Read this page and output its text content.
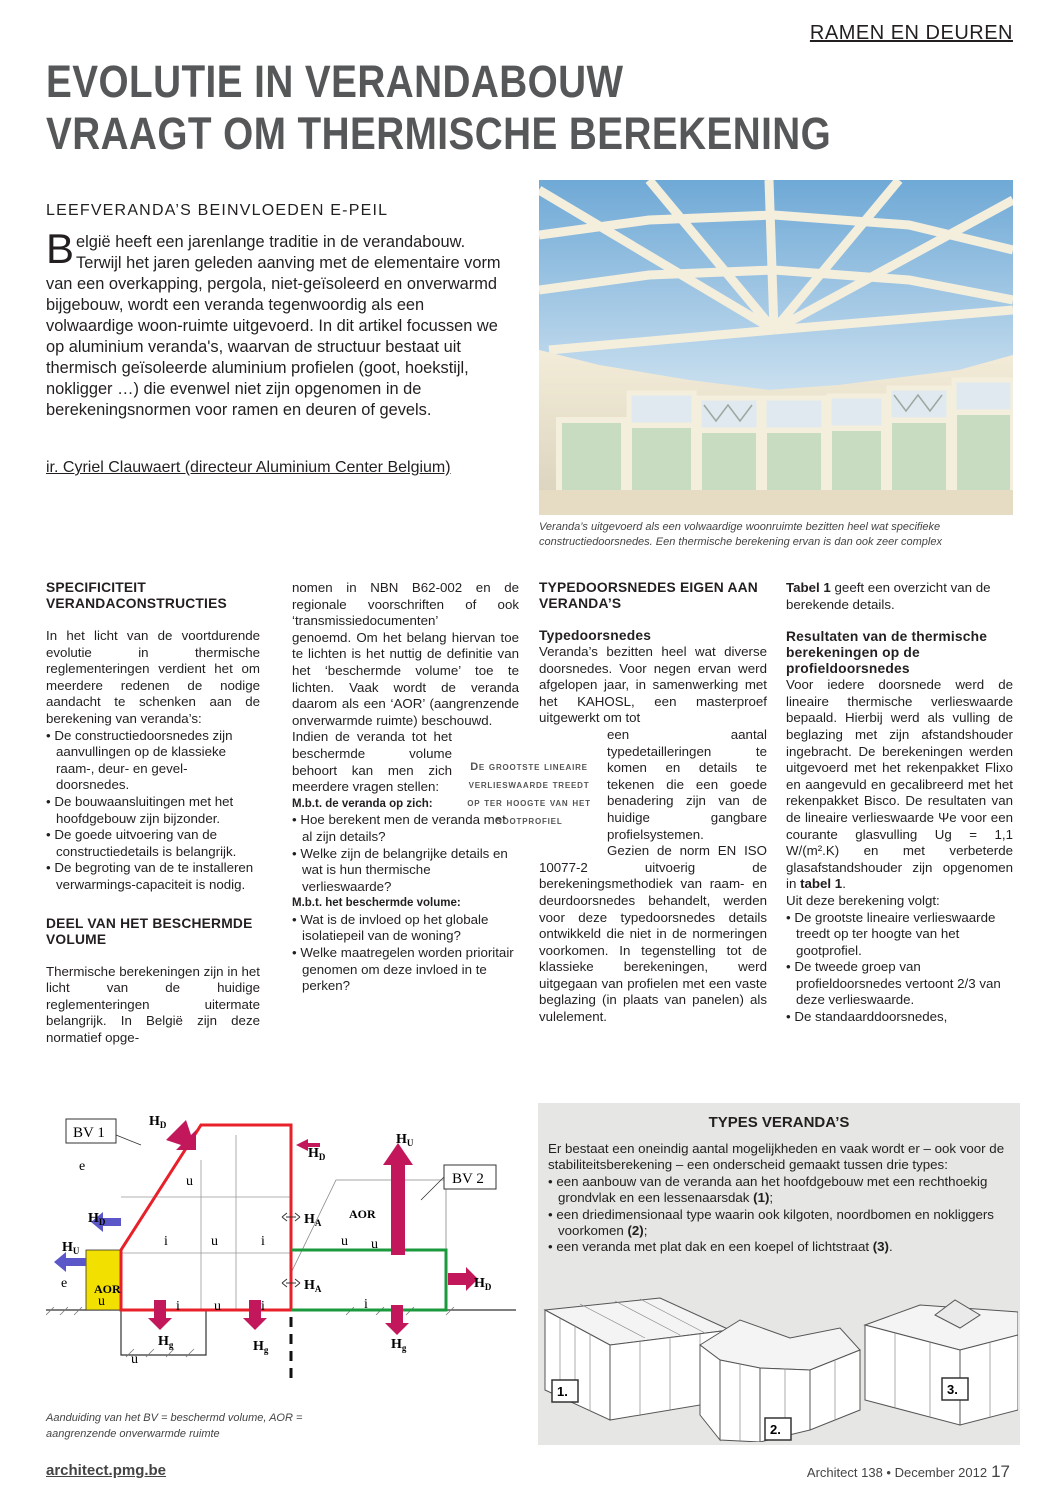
RAMEN EN DEUREN
EVOLUTIE IN VERANDABOUW
VRAAGT OM THERMISCHE BEREKENING
LEEFVERANDA’S BEINVLOEDEN E-PEIL
België heeft een jarenlange traditie in de verandabouw. Terwijl het jaren geleden aanving met de elementaire vorm van een overkapping, pergola, niet-geïsoleerd en onverwarmd bijgebouw, wordt een veranda tegenwoordig als een volwaardige woon-ruimte uitgevoerd. In dit artikel focussen we op aluminium veranda's, waarvan de structuur bestaat uit thermisch geïsoleerde aluminium profielen (goot, hoekstijl, nokligger …) die evenwel niet zijn opgenomen in de berekeningsnormen voor ramen en deuren of gevels.
ir. Cyriel Clauwaert (directeur Aluminium Center Belgium)
Veranda’s uitgevoerd als een volwaardige woonruimte bezitten heel wat specifieke constructiedoorsnedes. Een thermische berekening ervan is dan ook zeer complex
SPECIFICITEIT VERANDACONSTRUCTIES

In het licht van de voortdurende evolutie in thermische reglementeringen verdient het om meerdere redenen de nodige aandacht te schenken aan de berekening van veranda’s:

• De constructiedoorsnedes zijn aanvullingen op de klassieke raam-, deur- en gevel-doorsnedes.
• De bouwaansluitingen met het hoofdgebouw zijn bijzonder.
• De goede uitvoering van de constructiedetails is belangrijk.
• De begroting van de te installeren verwarmings-capaciteit is nodig.
DEEL VAN HET BESCHERMDE VOLUME

Thermische berekeningen zijn in het licht van de huidige reglementeringen uitermate belangrijk. In België zijn deze normatief opge-

nomen in NBN B62-002 en de regionale voorschriften of ook ‘transmissiedocumenten’

genoemd. Om het belang hiervan toe te lichten is het nuttig de definitie van het ‘beschermde volume’ toe te lichten. Vaak wordt de veranda daarom als een ‘AOR’ (aangrenzende onverwarmde ruimte) beschouwd.

Indien de veranda tot het beschermde volume behoort kan men zich meerdere vragen stellen:

M.b.t. de veranda op zich:
• Hoe berekent men de veranda met al zijn details?
• Welke zijn de belangrijke details en wat is hun thermische verlieswaarde?
M.b.t. het beschermde volume:
• Wat is de invloed op het globale isolatiepeil van de woning?
• Welke maatregelen worden prioritair genomen om deze invloed in te perken?
De grootste lineaire verlieswaarde treedt op ter hoogte van het gootprofiel
TYPEDOORSNEDES EIGEN AAN VERANDA’S
Typedoorsnedes

Veranda’s bezitten heel wat diverse doorsnedes. Voor negen ervan werd afgelopen jaar, in samenwerking met het KAHOSL, een masterproef uitgewerkt om tot

een aantal typedetailleringen te komen en details te tekenen die een goede benadering zijn van de huidige gangbare profielsystemen.

Gezien de norm EN ISO 10077-2 uitvoerig de berekeningsmethodiek van raam- en deurdoorsnedes behandelt, werden voor deze typedoorsnedes details ontwikkeld die niet in de normeringen voorkomen. In tegenstelling tot de klassieke berekeningen, werd uitgegaan van profielen met een vaste beglazing (in plaats van panelen) als vulelement.

Tabel 1 geeft een overzicht van de berekende details.

Resultaten van de thermische berekeningen op de profieldoorsnedes

Voor iedere doorsnede werd de lineaire thermische verlieswaarde bepaald. Hierbij werd als vulling de beglazing met zijn afstandshouder ingebracht. De berekeningen werden uitgevoerd met het rekenpakket Flixo en aangevuld en gecalibreerd met het rekenpakket Bisco. De resultaten van de lineaire verlieswaarde Ψe voor een courante glasvulling Ug = 1,1 W/(m².K) en met verbeterde glasafstandshouder zijn opgenomen in tabel 1.

Uit deze berekening volgt:

• De grootste lineaire verlieswaarde treedt op ter hoogte van het gootprofiel.
• De tweede groep van profieldoorsnedes vertoont 2/3 van deze verlieswaarde.
• De standaarddoorsnedes,
BV 1
BV 2
e
u
i	u	i
i u	i
u
i
u
e
u
u
AOR
AOR
$H_D$
$H_D$
$H_U$
$H_D$
$H_U$
$H_A$
$H_A$	$H_D$
$H_g$	$H_g$	$H_g$
Aanduiding van het BV = beschermd volume, AOR = aangrenzende onverwarmde ruimte
TYPES VERANDA’S
Er bestaat een oneindig aantal mogelijkheden en vaak wordt er – ook voor de stabiliteitsberekening – een onderscheid gemaakt tussen drie types:
• een aanbouw van de veranda aan het hoofdgebouw met een rechthoekig grondvlak en een lessenaarsdak (1);
• een driedimensionaal type waarin ook kilgoten, noordbomen en nokliggers voorkomen (2);
• een veranda met plat dak en een koepel of lichtstraat (3).
1.
2.
3.
architect.pmg.be	Architect 138 • December 2012 17
